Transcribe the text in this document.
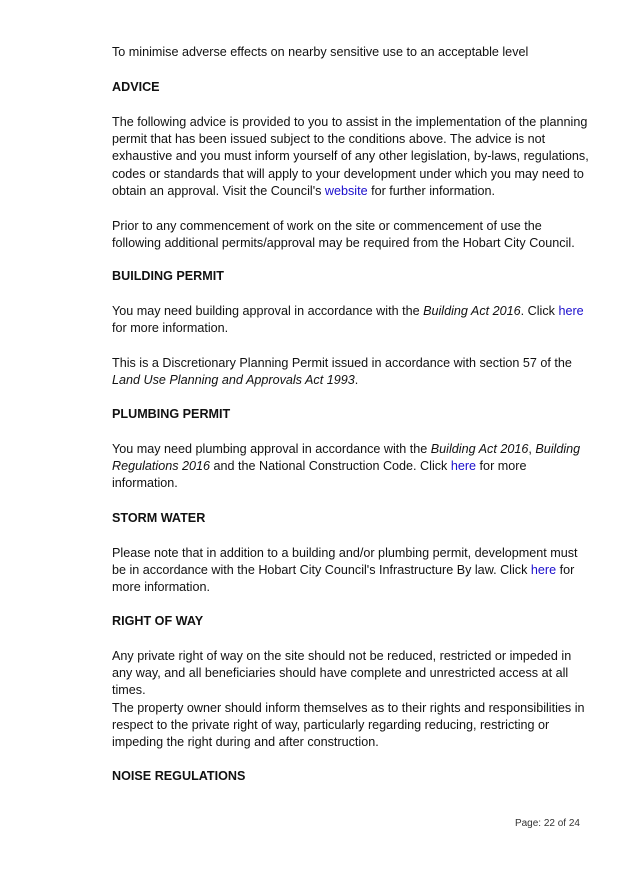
To minimise adverse effects on nearby sensitive use to an acceptable level

ADVICE

The following advice is provided to you to assist in the implementation of the planning permit that has been issued subject to the conditions above. The advice is not exhaustive and you must inform yourself of any other legislation, by-laws, regulations, codes or standards that will apply to your development under which you may need to obtain an approval. Visit the Council's website for further information.

Prior to any commencement of work on the site or commencement of use the following additional permits/approval may be required from the Hobart City Council.

BUILDING PERMIT

You may need building approval in accordance with the Building Act 2016. Click here for more information.

This is a Discretionary Planning Permit issued in accordance with section 57 of the Land Use Planning and Approvals Act 1993.

PLUMBING PERMIT

You may need plumbing approval in accordance with the Building Act 2016, Building Regulations 2016 and the National Construction Code. Click here for more information.

STORM WATER

Please note that in addition to a building and/or plumbing permit, development must be in accordance with the Hobart City Council's Infrastructure By law. Click here for more information.

RIGHT OF WAY

Any private right of way on the site should not be reduced, restricted or impeded in any way, and all beneficiaries should have complete and unrestricted access at all times.

The property owner should inform themselves as to their rights and responsibilities in respect to the private right of way, particularly regarding reducing, restricting or impeding the right during and after construction.

NOISE REGULATIONS

Page: 22 of 24
